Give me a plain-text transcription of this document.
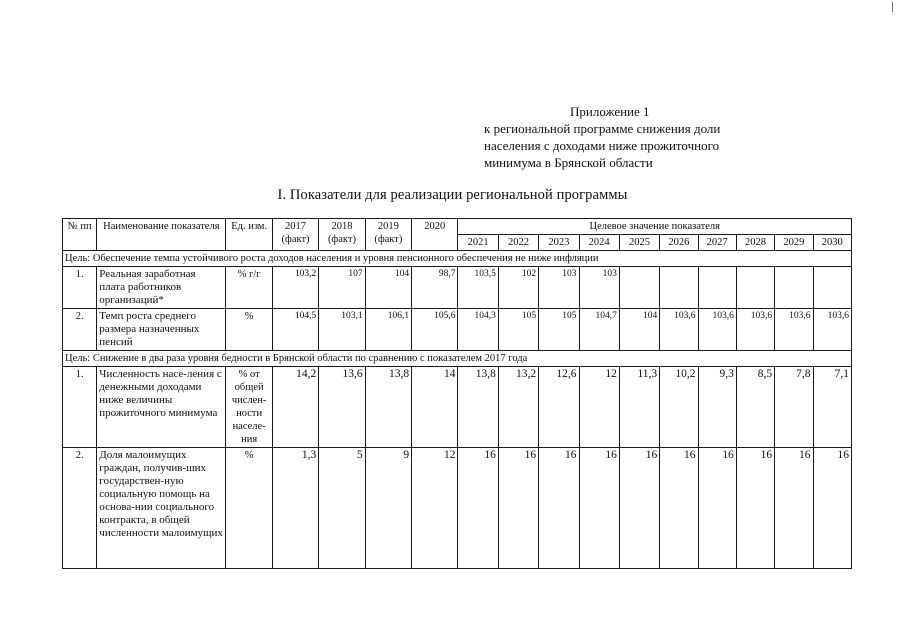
Приложение 1
к региональной программе снижения доли
населения с доходами ниже прожиточного
минимума в Брянской области
I. Показатели для реализации региональной программы
№ пп	Наименование показателя	Ед. изм.	2017 (факт)	2018 (факт)	2019 (факт)	2020	Целевое значение показателя									
							2021	2022	2023	2024	2025	2026	2027	2028	2029	2030
Цель: Обеспечение темпа устойчивого роста доходов населения и уровня пенсионного обеспечения не ниже инфляции																
1.	Реальная заработная плата работников организаций*	% г/г	103,2	107	104	98,7	103,5	102	103	103						
2.	Темп роста среднего размера назначенных пенсий	%	104,5	103,1	106,1	105,6	104,3	105	105	104,7	104	103,6	103,6	103,6	103,6	103,6
Цель: Снижение в два раза уровня бедности в Брянской области по сравнению с показателем 2017 года																
1.	Численность насе-ления с денежными доходами ниже величины прожиточного минимума	% от общей числен-ности населе-ния	14,2	13,6	13,8	14	13,8	13,2	12,6	12	11,3	10,2	9,3	8,5	7,8	7,1
2.	Доля малоимущих граждан, получив-ших государствен-ную социальную помощь на основа-нии социального контракта, в общей численности малоимущих	%	1,3	5	9	12	16	16	16	16	16	16	16	16	16	16
